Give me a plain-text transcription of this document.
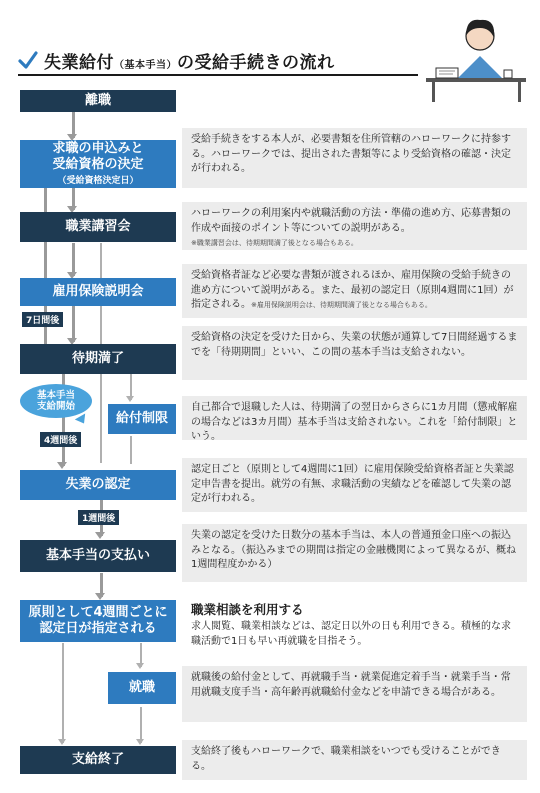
失業給付（基本手当）の受給手続きの流れ
離職
求職の申込みと
受給資格の決定
（受給資格決定日）
受給手続きをする本人が、必要書類を住所管轄のハローワークに持参する。ハローワークでは、提出された書類等により受給資格の確認・決定が行われる。
職業講習会
ハローワークの利用案内や就職活動の方法・準備の進め方、応募書類の作成や面接のポイント等についての説明がある。
※職業講習会は、待期期間満了後となる場合もある。
雇用保険説明会
受給資格者証など必要な書類が渡されるほか、雇用保険の受給手続きの進め方について説明がある。また、最初の認定日（原則4週間に1回）が指定される。※雇用保険説明会は、待期期間満了後となる場合もある。
7日間後
待期満了
受給資格の決定を受けた日から、失業の状態が通算して7日間経過するまでを「待期期間」といい、この間の基本手当は支給されない。
基本手当
支給開始
給付制限
自己都合で退職した人は、待期満了の翌日からさらに1カ月間（懲戒解雇の場合などは3カ月間）基本手当は支給されない。これを「給付制限」という。
4週間後
失業の認定
認定日ごと（原則として4週間に1回）に雇用保険受給資格者証と失業認定申告書を提出。就労の有無、求職活動の実績などを確認して失業の認定が行われる。
1週間後
基本手当の支払い
失業の認定を受けた日数分の基本手当は、本人の普通預金口座への振込みとなる。（振込みまでの期間は指定の金融機関によって異なるが、概ね1週間程度かかる）
原則として4週間ごとに
認定日が指定される
職業相談を利用する
求人閲覧、職業相談などは、認定日以外の日も利用できる。積極的な求職活動で1日も早い再就職を目指そう。
就職
就職後の給付金として、再就職手当・就業促進定着手当・就業手当・常用就職支度手当・高年齢再就職給付金などを申請できる場合がある。
支給終了
支給終了後もハローワークで、職業相談をいつでも受けることができる。
